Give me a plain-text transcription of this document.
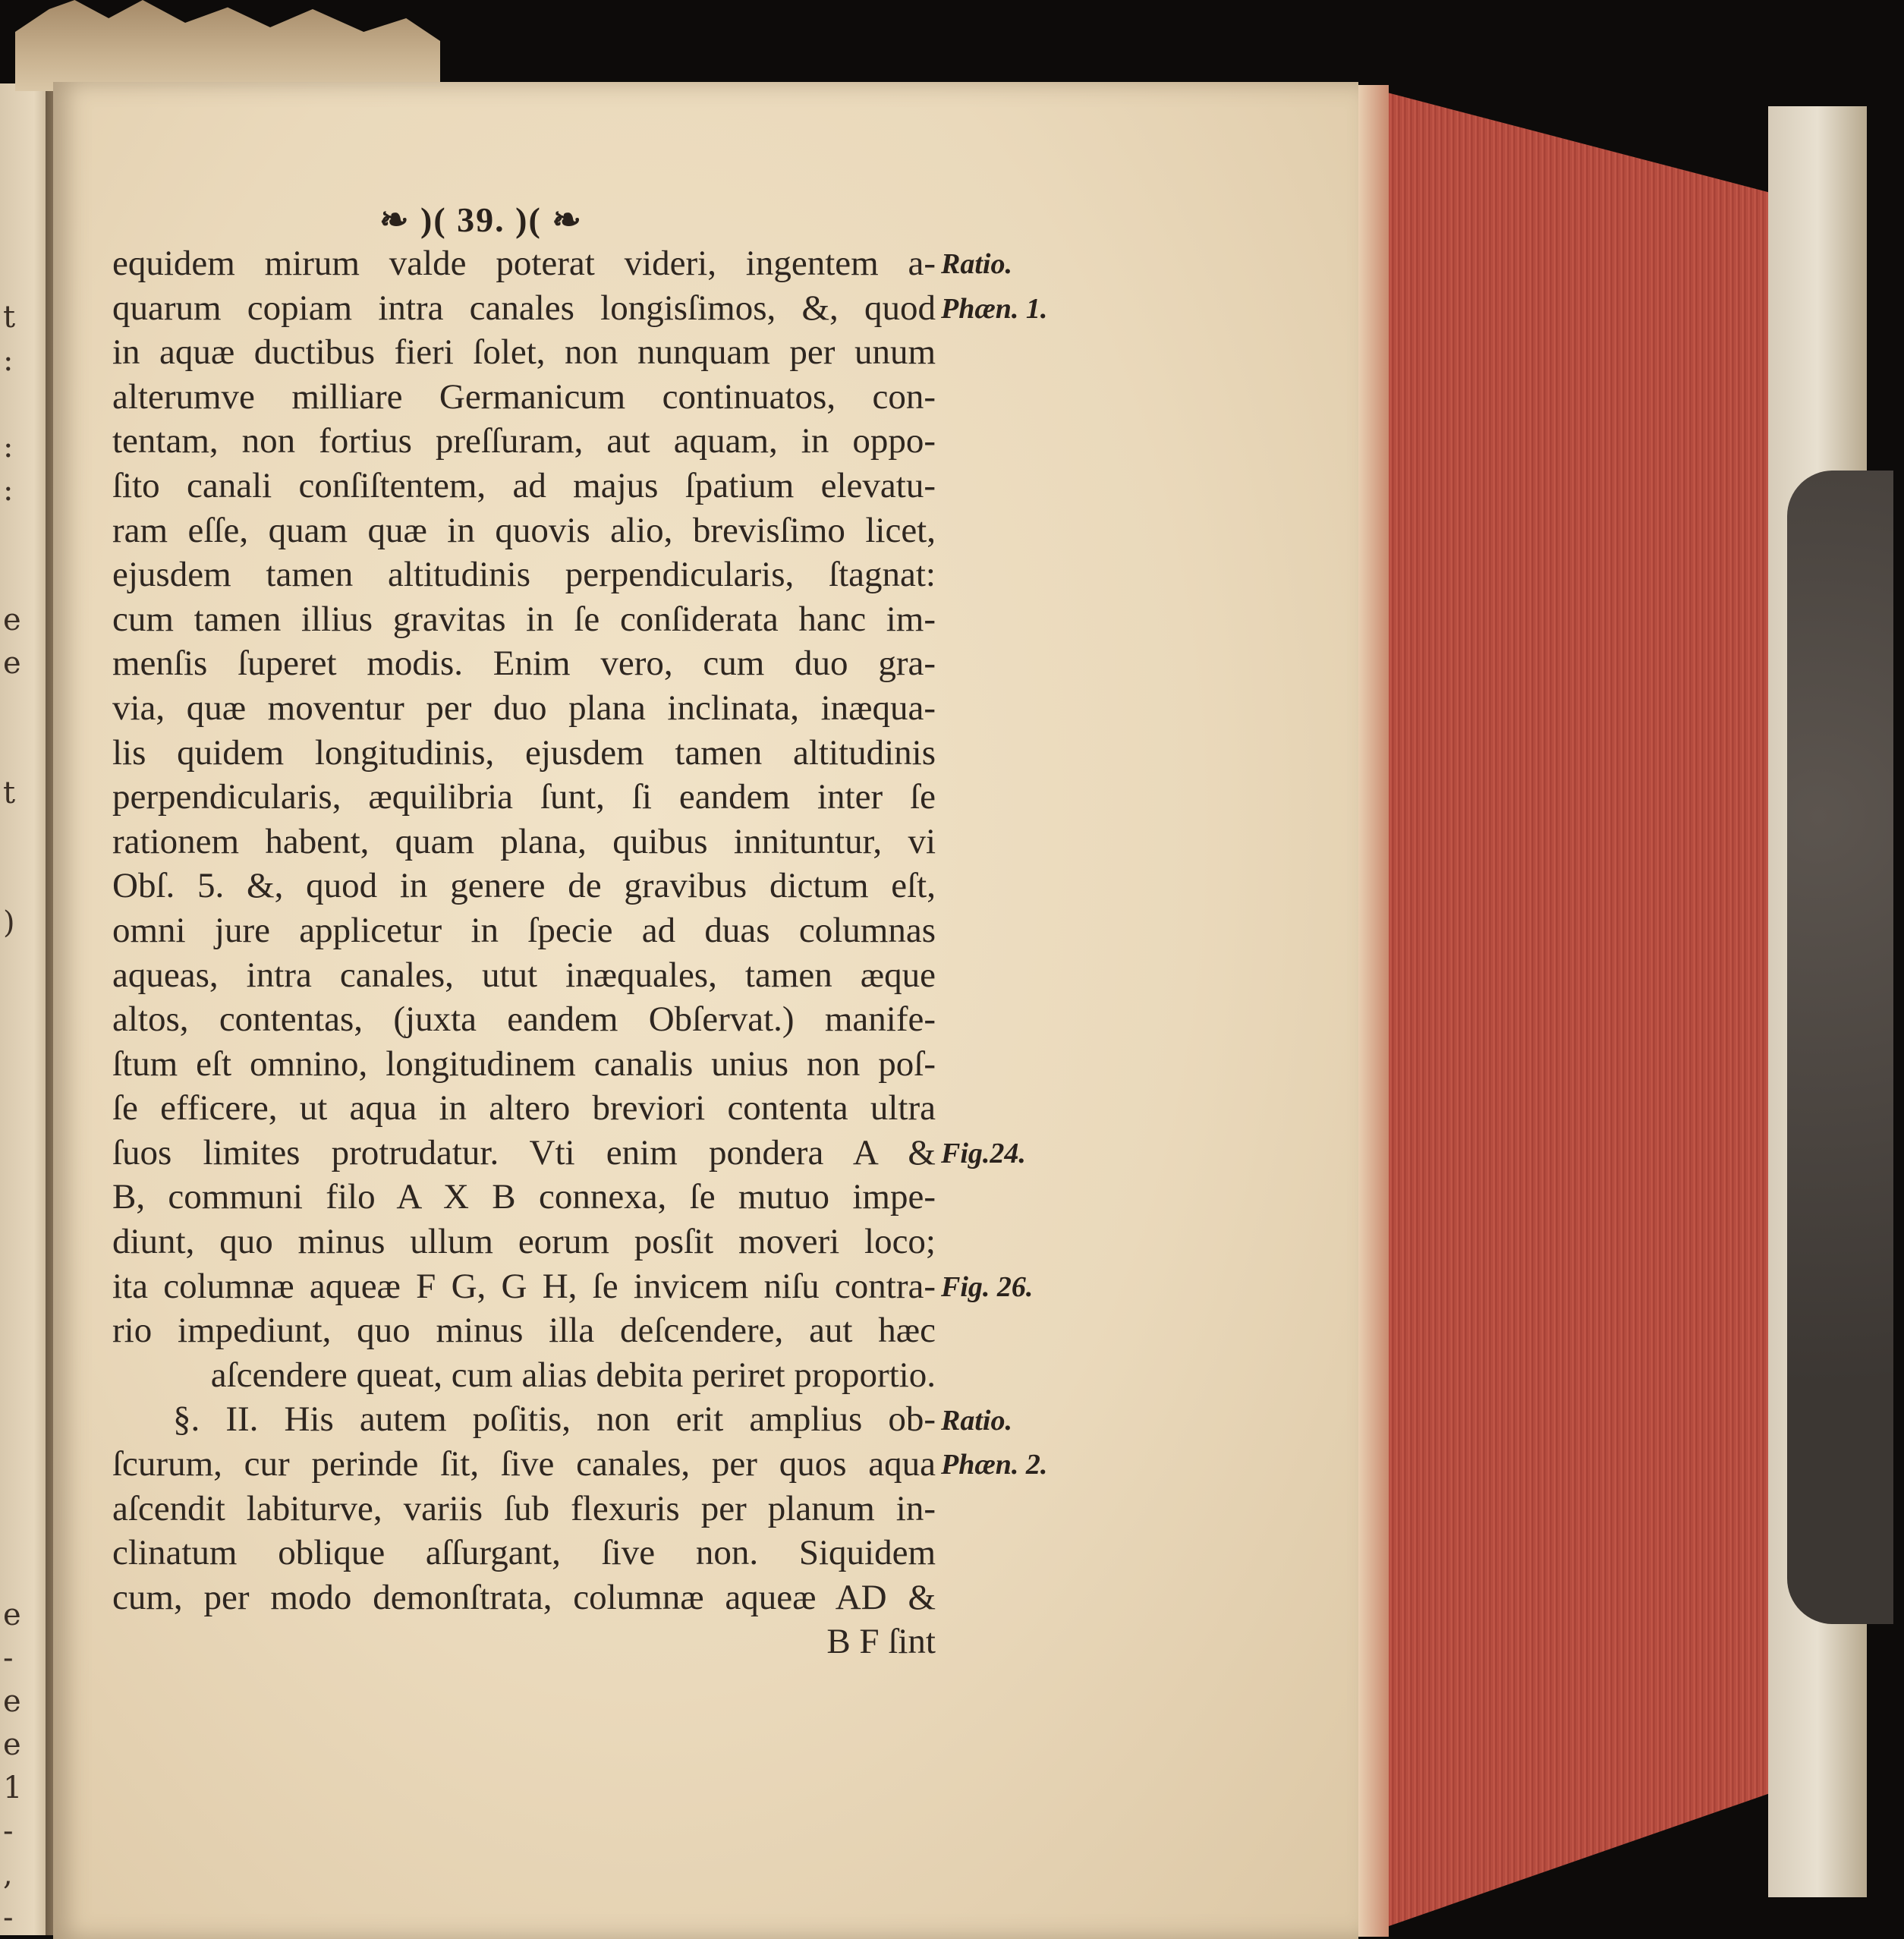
t
:

:
:

e
e

t

)

e
-
e
e
1
-
,
-
❧ )( 39. )( ❧
equidem mirum valde poterat videri, ingentem a-
quarum copiam intra canales longisſimos, &, quod
in aquæ ductibus fieri ſolet, non nunquam per unum
alterumve milliare Germanicum continuatos, con-
tentam, non fortius preſſuram, aut aquam, in oppo-
ſito canali conſiſtentem, ad majus ſpatium elevatu-
ram eſſe, quam quæ in quovis alio, brevisſimo licet,
ejusdem tamen altitudinis perpendicularis, ſtagnat:
cum tamen illius gravitas in ſe conſiderata hanc im-
menſis ſuperet modis. Enim vero, cum duo gra-
via, quæ moventur per duo plana inclinata, inæqua-
lis quidem longitudinis, ejusdem tamen altitudinis
perpendicularis, æquilibria ſunt, ſi eandem inter ſe
rationem habent, quam plana, quibus innituntur, vi
Obſ. 5. &, quod in genere de gravibus dictum eſt,
omni jure applicetur in ſpecie ad duas columnas
aqueas, intra canales, utut inæquales, tamen æque
altos, contentas, (juxta eandem Obſervat.) manife-
ſtum eſt omnino, longitudinem canalis unius non poſ-
ſe efficere, ut aqua in altero breviori contenta ultra
ſuos limites protrudatur. Vti enim pondera A &
B, communi filo A X B connexa, ſe mutuo impe-
diunt, quo minus ullum eorum posſit moveri loco;
ita columnæ aqueæ F G, G H, ſe invicem niſu contra-
rio impediunt, quo minus illa deſcendere, aut hæc
aſcendere queat, cum alias debita periret proportio.
§. II. His autem poſitis, non erit amplius ob-
ſcurum, cur perinde ſit, ſive canales, per quos aqua
aſcendit labiturve, variis ſub flexuris per planum in-
clinatum oblique aſſurgant, ſive non. Siquidem
cum, per modo demonſtrata, columnæ aqueæ AD &
B F ſint
Ratio.
Phæn. 1.
Fig.24.
Fig. 26.
Ratio.
Phæn. 2.
